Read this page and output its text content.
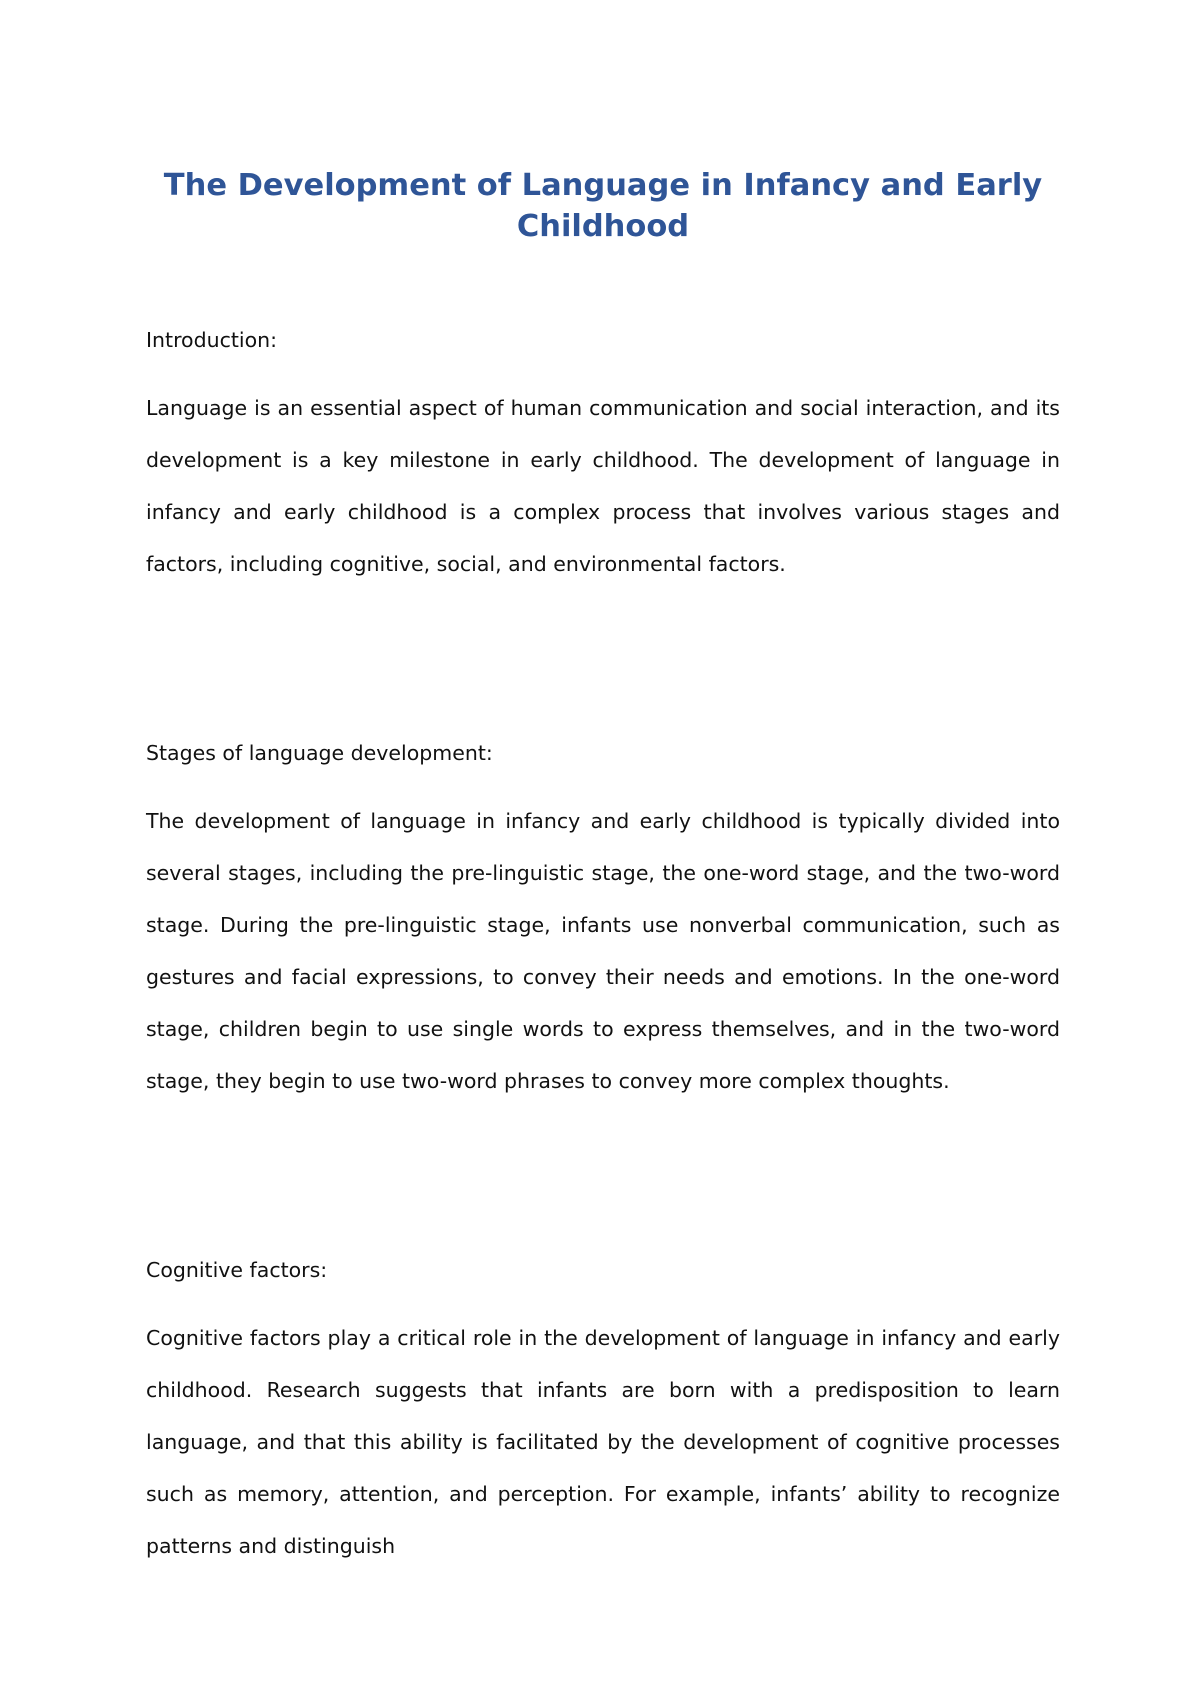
The Development of Language in Infancy and Early Childhood

Introduction:

Language is an essential aspect of human communication and social interaction, and its development is a key milestone in early childhood. The development of language in infancy and early childhood is a complex process that involves various stages and factors, including cognitive, social, and environmental factors.

Stages of language development:

The development of language in infancy and early childhood is typically divided into several stages, including the pre-linguistic stage, the one-word stage, and the two-word stage. During the pre-linguistic stage, infants use nonverbal communication, such as gestures and facial expressions, to convey their needs and emotions. In the one-word stage, children begin to use single words to express themselves, and in the two-word stage, they begin to use two-word phrases to convey more complex thoughts.

Cognitive factors:

Cognitive factors play a critical role in the development of language in infancy and early childhood. Research suggests that infants are born with a predisposition to learn language, and that this ability is facilitated by the development of cognitive processes such as memory, attention, and perception. For example, infants’ ability to recognize patterns and distinguish
